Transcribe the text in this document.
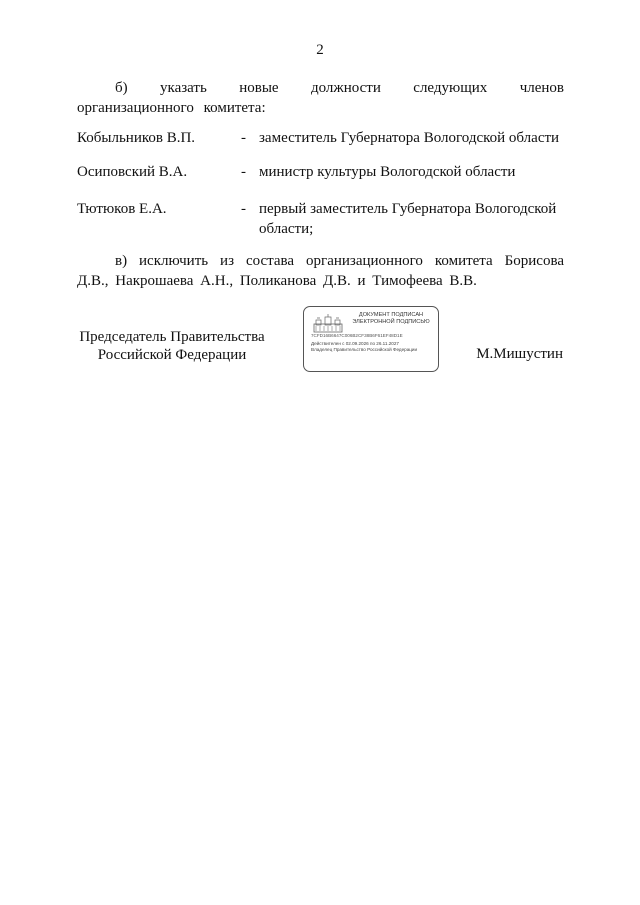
2

б) указать новые должности следующих членов организационного комитета:

Кобыльников В.П.	- заместитель Губернатора Вологодской области
Осиповский В.А.	- министр культуры Вологодской области
Тютюков Е.А.	- первый заместитель Губернатора Вологодской области;

в) исключить из состава организационного комитета Борисова Д.В., Накрошаева А.Н., Поликанова Д.В. и Тимофеева В.В.

Председатель Правительства
Российской Федерации
ДОКУМЕНТ ПОДПИСАН
ЭЛЕКТРОННОЙ ПОДПИСЬЮ
7CFD16B6647C006B2CF38B6F61EF48D1E
Действителен с 02.09.2026 по 26.11.2027
Владелец Правительство Российской Федерации	М.Мишустин
